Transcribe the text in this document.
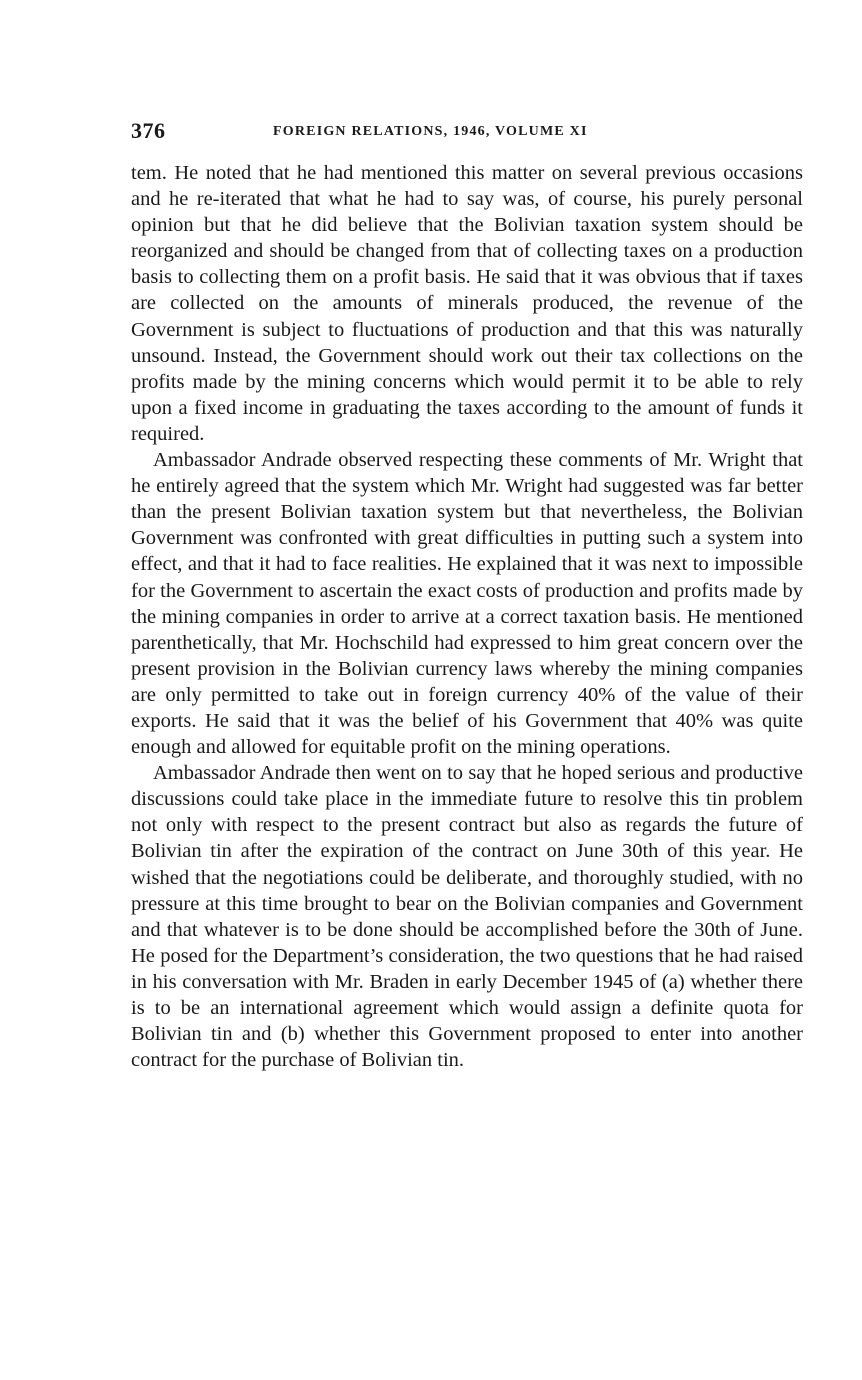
376	FOREIGN RELATIONS, 1946, VOLUME XI

tem. He noted that he had mentioned this matter on several previous occasions and he re-iterated that what he had to say was, of course, his purely personal opinion but that he did believe that the Bolivian taxation system should be reorganized and should be changed from that of collecting taxes on a production basis to collecting them on a profit basis. He said that it was obvious that if taxes are collected on the amounts of minerals produced, the revenue of the Government is subject to fluctuations of production and that this was naturally unsound. Instead, the Government should work out their tax collections on the profits made by the mining concerns which would permit it to be able to rely upon a fixed income in graduating the taxes according to the amount of funds it required.

Ambassador Andrade observed respecting these comments of Mr. Wright that he entirely agreed that the system which Mr. Wright had suggested was far better than the present Bolivian taxation system but that nevertheless, the Bolivian Government was confronted with great difficulties in putting such a system into effect, and that it had to face realities. He explained that it was next to impossible for the Government to ascertain the exact costs of production and profits made by the mining companies in order to arrive at a correct taxation basis. He mentioned parenthetically, that Mr. Hochschild had expressed to him great concern over the present provision in the Bolivian currency laws whereby the mining companies are only permitted to take out in foreign currency 40% of the value of their exports. He said that it was the belief of his Government that 40% was quite enough and allowed for equitable profit on the mining operations.

Ambassador Andrade then went on to say that he hoped serious and productive discussions could take place in the immediate future to resolve this tin problem not only with respect to the present contract but also as regards the future of Bolivian tin after the expiration of the contract on June 30th of this year. He wished that the negotiations could be deliberate, and thoroughly studied, with no pressure at this time brought to bear on the Bolivian companies and Government and that whatever is to be done should be accomplished before the 30th of June. He posed for the Department’s consideration, the two questions that he had raised in his conversation with Mr. Braden in early December 1945 of (a) whether there is to be an international agreement which would assign a definite quota for Bolivian tin and (b) whether this Government proposed to enter into another contract for the purchase of Bolivian tin.
